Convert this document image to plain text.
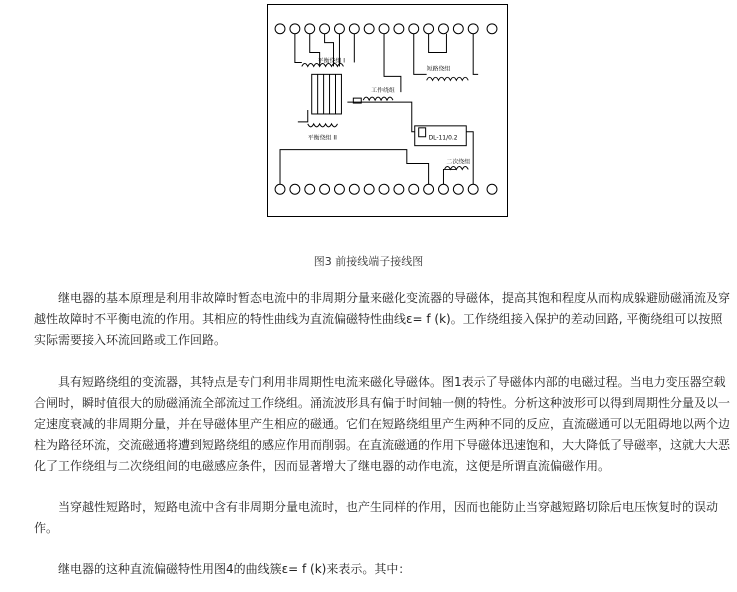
平衡绕组 I
平衡绕组 II
工作绕组
短路绕组
DL-11/0.2
二次绕组
图3 前接线端子接线图

继电器的基本原理是利用非故障时暂态电流中的非周期分量来磁化变流器的导磁体，提高其饱和程度从而构成躲避励磁涌流及穿越性故障时不平衡电流的作用。其相应的特性曲线为直流偏磁特性曲线ε= f (k)。工作绕组接入保护的差动回路, 平衡绕组可以按照实际需要接入环流回路或工作回路。

具有短路绕组的变流器，其特点是专门利用非周期性电流来磁化导磁体。图1表示了导磁体内部的电磁过程。当电力变压器空载合闸时，瞬时值很大的励磁涌流全部流过工作绕组。涌流波形具有偏于时间轴一侧的特性。分析这种波形可以得到周期性分量及以一定速度衰减的非周期分量，并在导磁体里产生相应的磁通。它们在短路绕组里产生两种不同的反应，直流磁通可以无阻碍地以两个边柱为路径环流，交流磁通将遭到短路绕组的感应作用而削弱。在直流磁通的作用下导磁体迅速饱和，大大降低了导磁率，这就大大恶化了工作绕组与二次绕组间的电磁感应条件，因而显著增大了继电器的动作电流，这便是所谓直流偏磁作用。

当穿越性短路时，短路电流中含有非周期分量电流时，也产生同样的作用，因而也能防止当穿越短路切除后电压恢复时的误动作。

继电器的这种直流偏磁特性用图4的曲线簇ε= f (k)来表示。其中：
